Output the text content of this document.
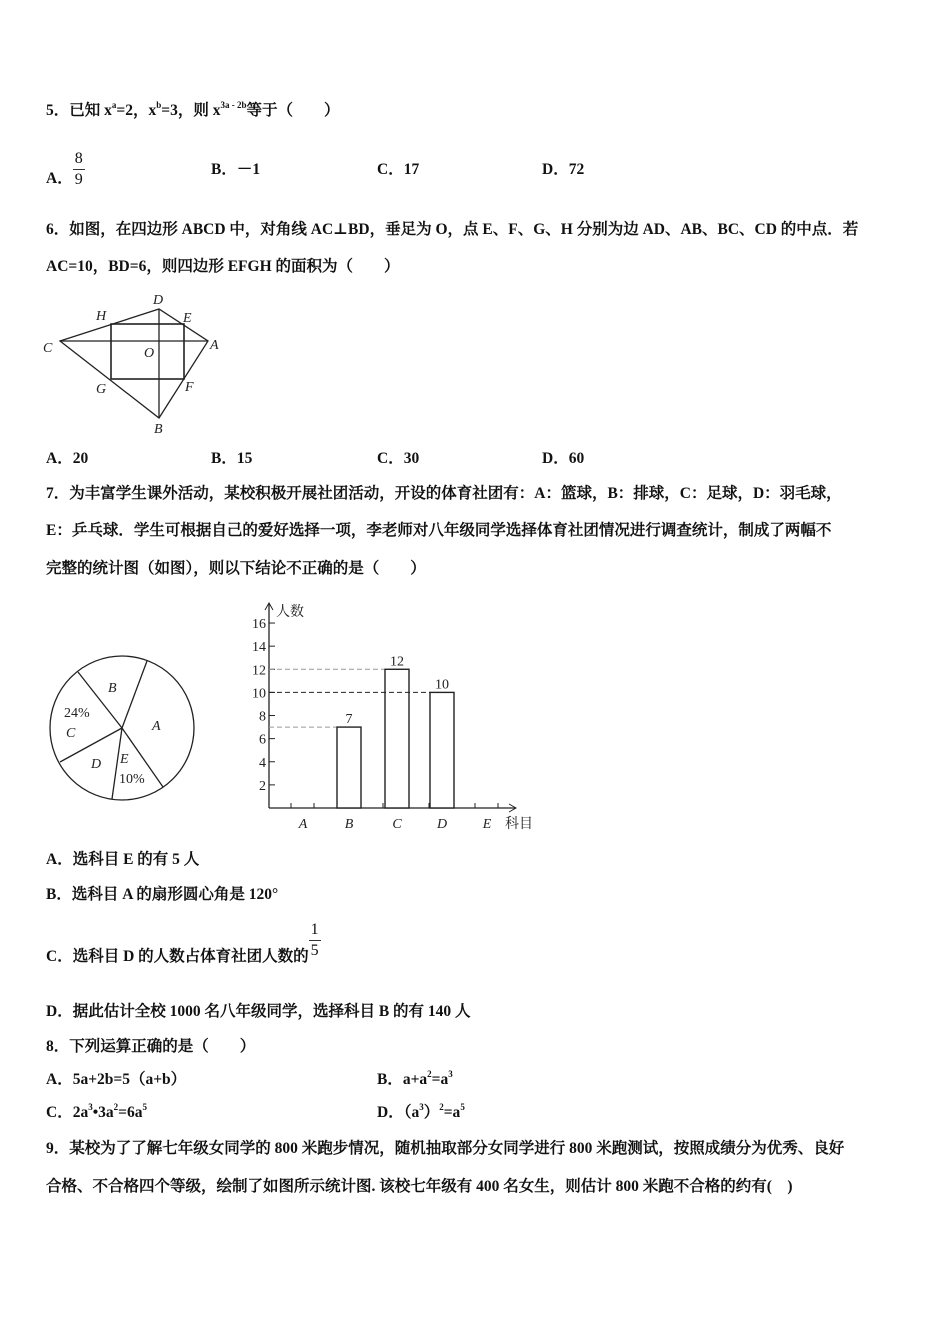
5．已知 $x^a=2$，$x^b=3$，则 $x^{3a - 2b}$等于（　　）
A． $\frac{8}{9}$	B．－1	C．17	D．72
6．如图，在四边形 ABCD 中，对角线 AC⊥BD，垂足为 O，点 E、F、G、H 分别为边 AD、AB、BC、CD 的中点．若
AC=10，BD=6，则四边形 EFGH 的面积为（　　）
H
D
E
C	A
O
G	F
B
B
24%
C	A
D E
10%
人数
科目
2
4
6
8
10
12
14
16
A	B
7
C
12
D
10
E
A．20	B．15	C．30	D．60
7．为丰富学生课外活动，某校积极开展社团活动，开设的体育社团有：A：篮球，B：排球，C：足球，D：羽毛球，
E：乒乓球．学生可根据自己的爱好选择一项，李老师对八年级同学选择体育社团情况进行调查统计，制成了两幅不
完整的统计图（如图），则以下结论不正确的是（　　）
A．选科目 E 的有 5 人
B．选科目 A 的扇形圆心角是 120°
C．选科目 D 的人数占体育社团人数的 $\frac{1}{5}$
D．据此估计全校 1000 名八年级同学，选择科目 B 的有 140 人
8．下列运算正确的是（　　）
A．5a+2b=5（a+b）	B．$a+a^2=a^3$
C．$2a^3•3a^2=6a^5$	D．$(a^3)^2=a^5$
9．某校为了了解七年级女同学的 800 米跑步情况，随机抽取部分女同学进行 800 米跑测试，按照成绩分为优秀、良好
合格、不合格四个等级，绘制了如图所示统计图. 该校七年级有 400 名女生，则估计 800 米跑不合格的约有(　)
